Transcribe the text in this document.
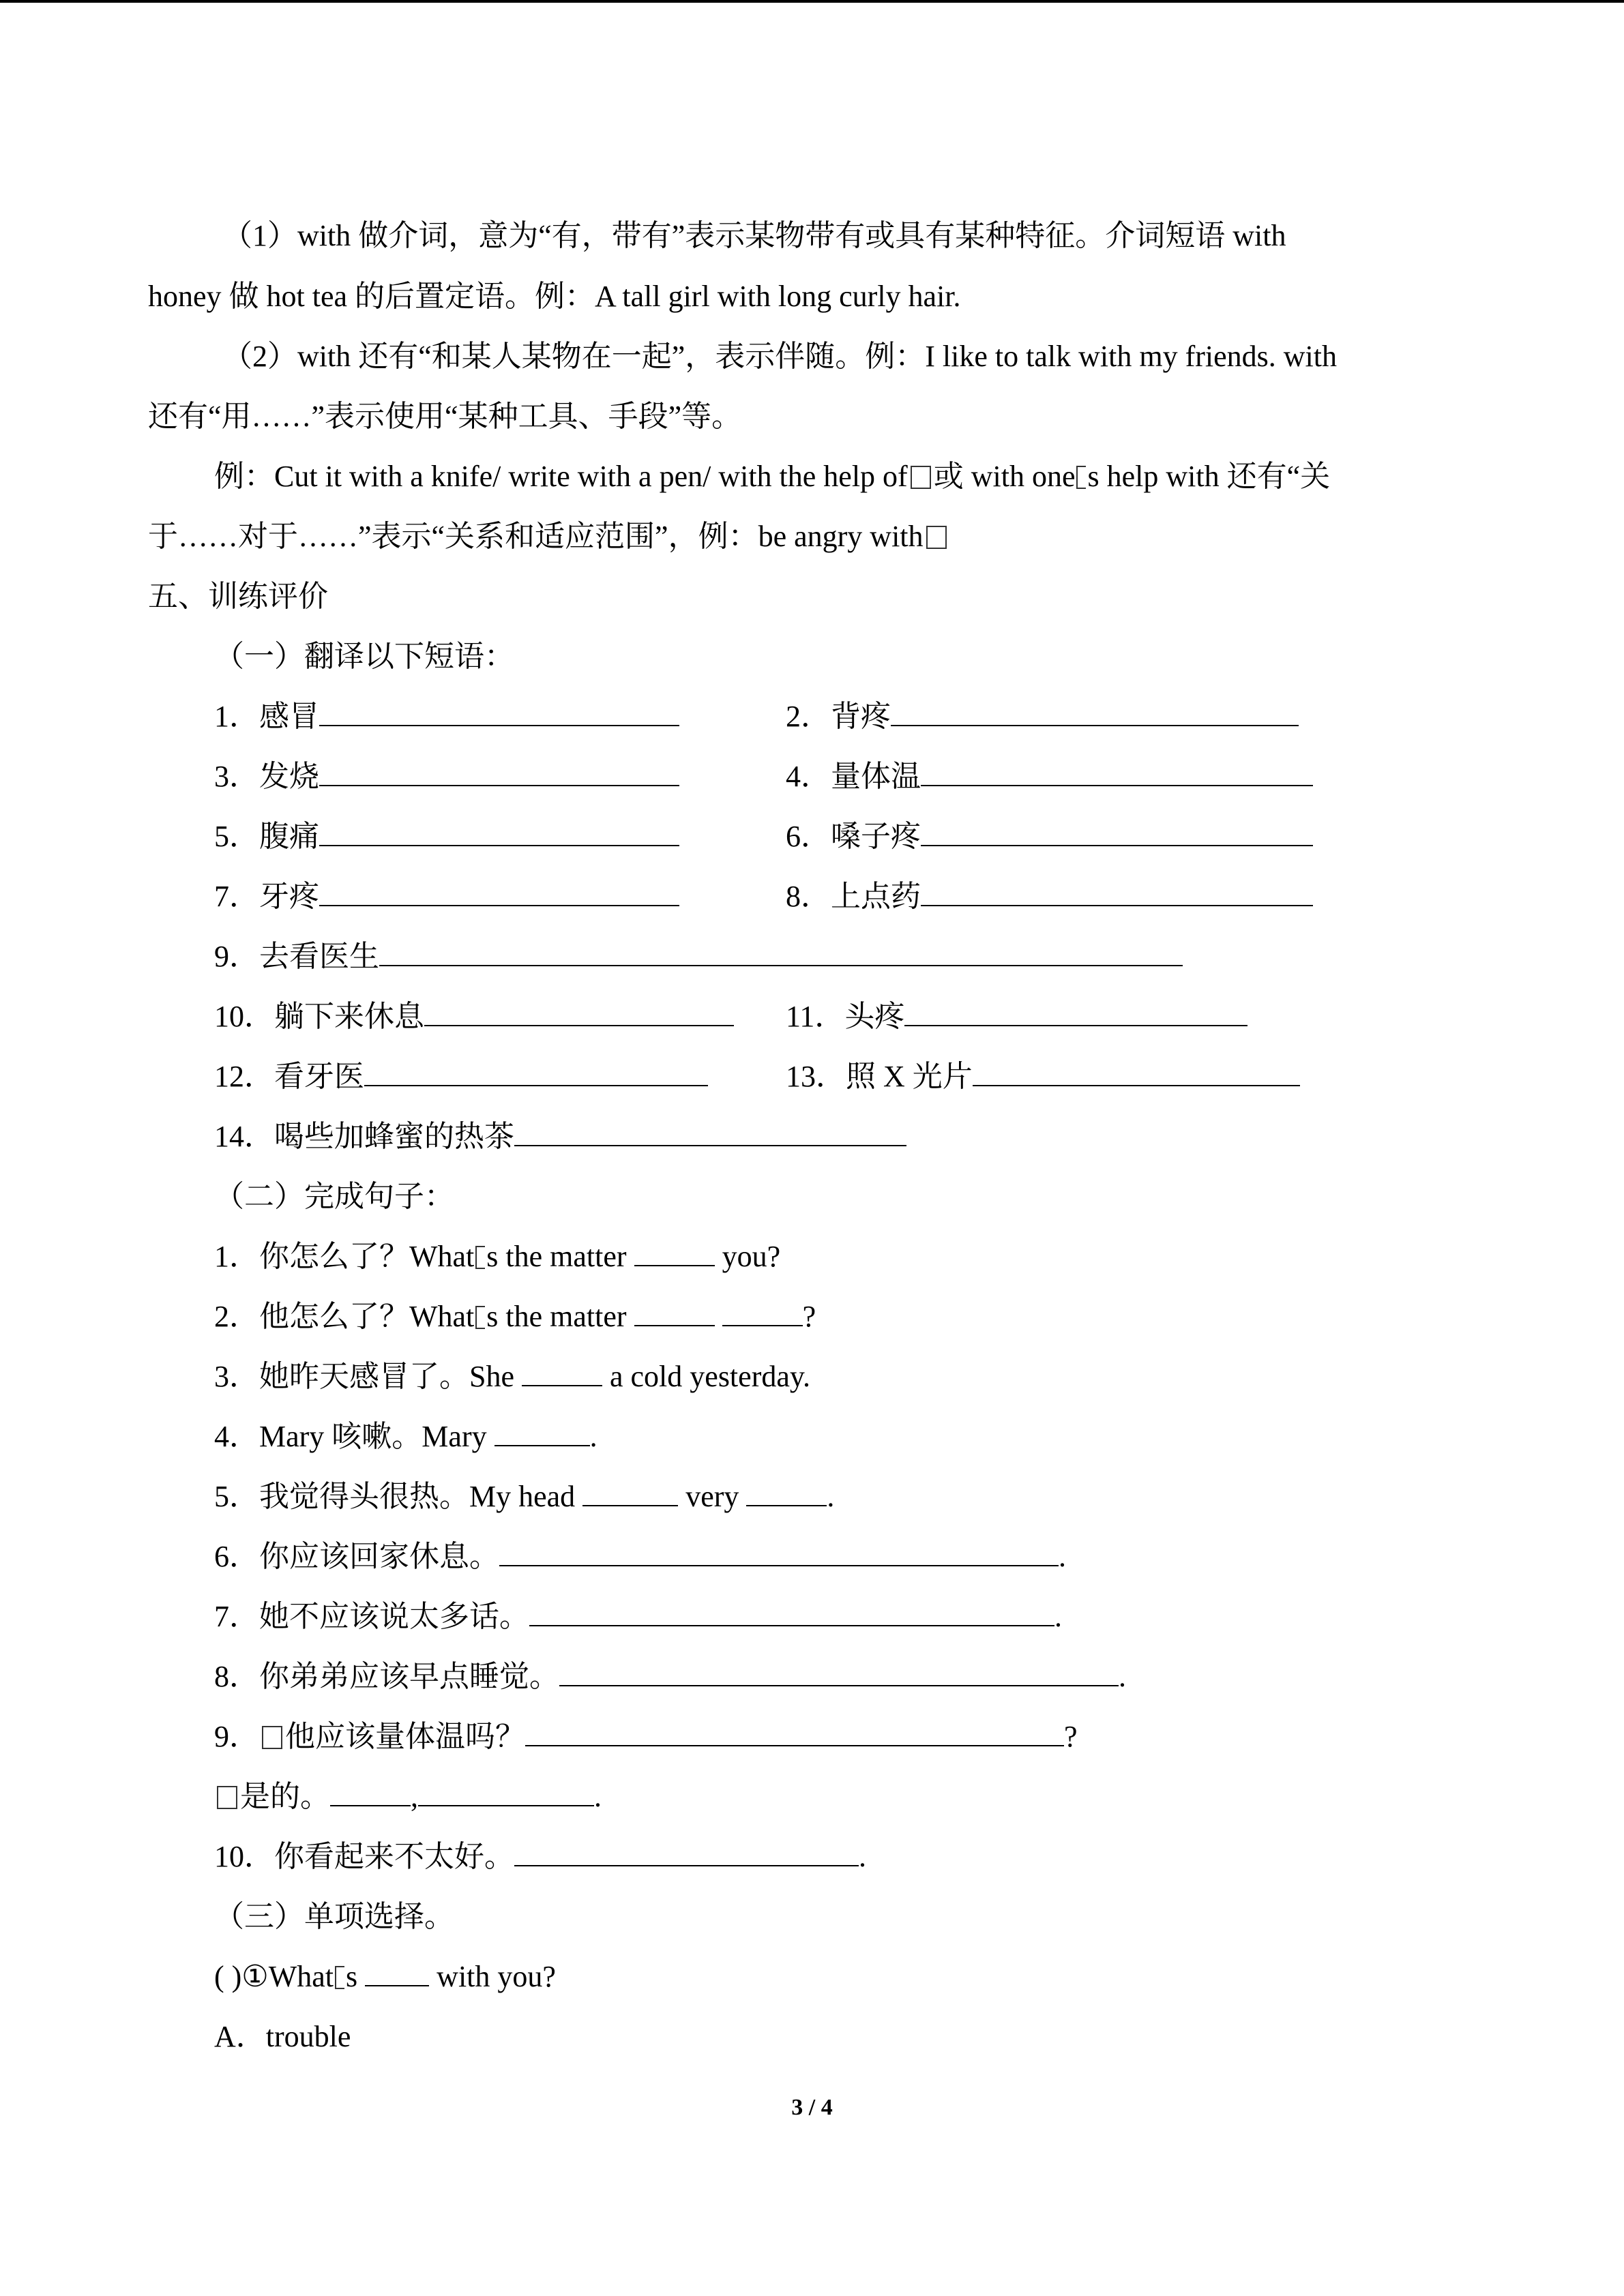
（1）with 做介词，意为“有，带有”表示某物带有或具有某种特征。介词短语 with
honey 做 hot tea 的后置定语。例：A tall girl with long curly hair.
（2）with 还有“和某人某物在一起”，表示伴随。例：I like to talk with my friends. with
还有“用……”表示使用“某种工具、手段”等。
例：Cut it with a knife/ write with a pen/ with the help of 或 with one s help with 还有“关
于……对于……”表示“关系和适应范围”，例：be angry with
五、训练评价
（一）翻译以下短语：
1．感冒	2．背疼
3．发烧	4．量体温
5．腹痛	6．嗓子疼
7．牙疼	8．上点药
9．去看医生
10．躺下来休息	11．头疼
12．看牙医	13．照 X 光片
14．喝些加蜂蜜的热茶
（二）完成句子：
1．你怎么了？What s the matter	you?
2．他怎么了？What s the matter	?
3．她昨天感冒了。She	a cold yesterday.
4．Mary 咳嗽。Mary	.
5．我觉得头很热。My head	very	.
6．你应该回家休息。	.
7．她不应该说太多话。	.
8．你弟弟应该早点睡觉。	.
9． 他应该量体温吗？	?
是的。	,	.
10．你看起来不太好。	.
（三）单项选择。
( )①What s  with you?
A．trouble
3 / 4
